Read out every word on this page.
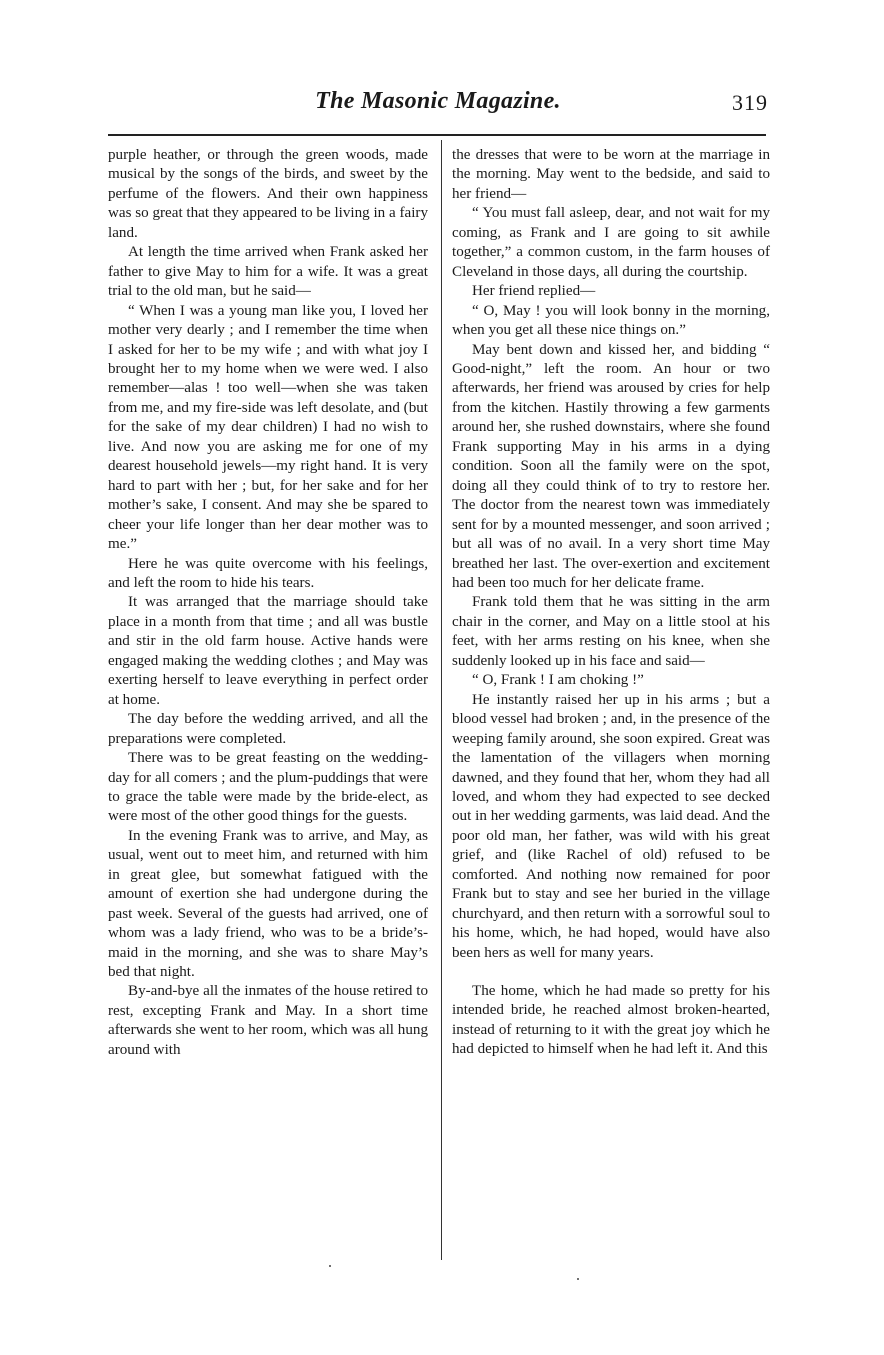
The Masonic Magazine.	319

purple heather, or through the green woods, made musical by the songs of the birds, and sweet by the perfume of the flowers. And their own happiness was so great that they appeared to be living in a fairy land.

At length the time arrived when Frank asked her father to give May to him for a wife. It was a great trial to the old man, but he said—

“ When I was a young man like you, I loved her mother very dearly ; and I remember the time when I asked for her to be my wife ; and with what joy I brought her to my home when we were wed. I also remember—alas ! too well—when she was taken from me, and my fire-side was left desolate, and (but for the sake of my dear children) I had no wish to live. And now you are asking me for one of my dearest household jewels—my right hand. It is very hard to part with her ; but, for her sake and for her mother’s sake, I consent. And may she be spared to cheer your life longer than her dear mother was to me.”

Here he was quite overcome with his feelings, and left the room to hide his tears.

It was arranged that the marriage should take place in a month from that time ; and all was bustle and stir in the old farm house. Active hands were engaged making the wedding clothes ; and May was exerting herself to leave everything in perfect order at home.

The day before the wedding arrived, and all the preparations were completed.

There was to be great feasting on the wedding-day for all comers ; and the plum-puddings that were to grace the table were made by the bride-elect, as were most of the other good things for the guests.

In the evening Frank was to arrive, and May, as usual, went out to meet him, and returned with him in great glee, but somewhat fatigued with the amount of exertion she had undergone during the past week. Several of the guests had arrived, one of whom was a lady friend, who was to be a bride’s-maid in the morning, and she was to share May’s bed that night.

By-and-bye all the inmates of the house retired to rest, excepting Frank and May. In a short time afterwards she went to her room, which was all hung around with

the dresses that were to be worn at the marriage in the morning. May went to the bedside, and said to her friend—

“ You must fall asleep, dear, and not wait for my coming, as Frank and I are going to sit awhile together,” a common custom, in the farm houses of Cleveland in those days, all during the courtship.

Her friend replied—

“ O, May ! you will look bonny in the morning, when you get all these nice things on.”

May bent down and kissed her, and bidding “ Good-night,” left the room. An hour or two afterwards, her friend was aroused by cries for help from the kitchen. Hastily throwing a few garments around her, she rushed downstairs, where she found Frank supporting May in his arms in a dying condition. Soon all the family were on the spot, doing all they could think of to try to restore her. The doctor from the nearest town was immediately sent for by a mounted messenger, and soon arrived ; but all was of no avail. In a very short time May breathed her last. The over-exertion and excitement had been too much for her delicate frame.

Frank told them that he was sitting in the arm chair in the corner, and May on a little stool at his feet, with her arms resting on his knee, when she suddenly looked up in his face and said—

“ O, Frank ! I am choking !”

He instantly raised her up in his arms ; but a blood vessel had broken ; and, in the presence of the weeping family around, she soon expired. Great was the lamentation of the villagers when morning dawned, and they found that her, whom they had all loved, and whom they had expected to see decked out in her wedding garments, was laid dead. And the poor old man, her father, was wild with his great grief, and (like Rachel of old) refused to be comforted. And nothing now remained for poor Frank but to stay and see her buried in the village churchyard, and then return with a sorrowful soul to his home, which, he had hoped, would have also been hers as well for many years.

The home, which he had made so pretty for his intended bride, he reached almost broken-hearted, instead of returning to it with the great joy which he had depicted to himself when he had left it. And this
